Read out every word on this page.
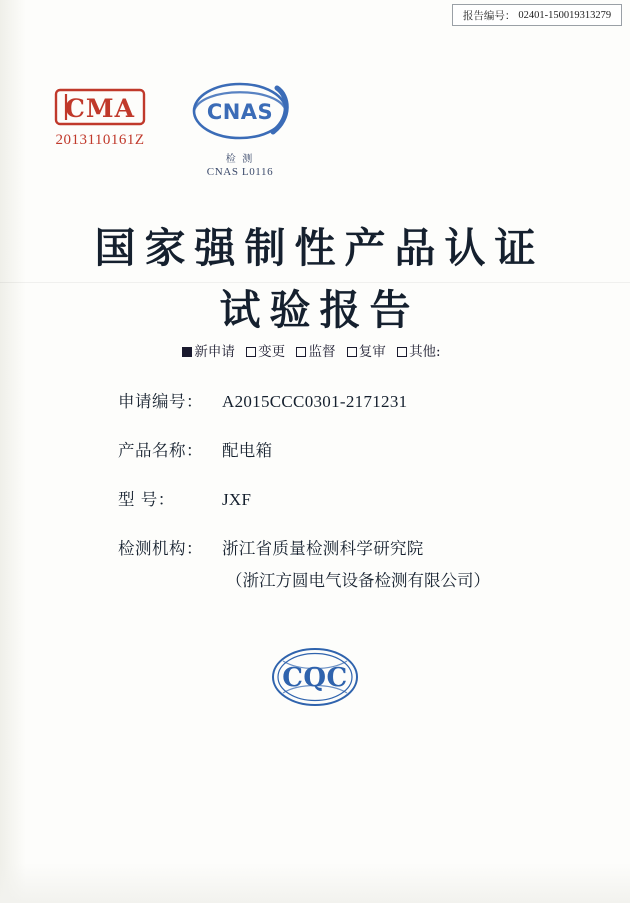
报告编号： 02401-150019313279
CMA
2013110161Z
CNAS
检 测
CNAS L0116
国家强制性产品认证
试验报告
新申请 变更 监督 复审 其他:
申请编号：	A2015CCC0301-2171231
产品名称：	配电箱
型 号：	JXF
检测机构：	浙江省质量检测科学研究院
（浙江方圆电气设备检测有限公司）
CQC
